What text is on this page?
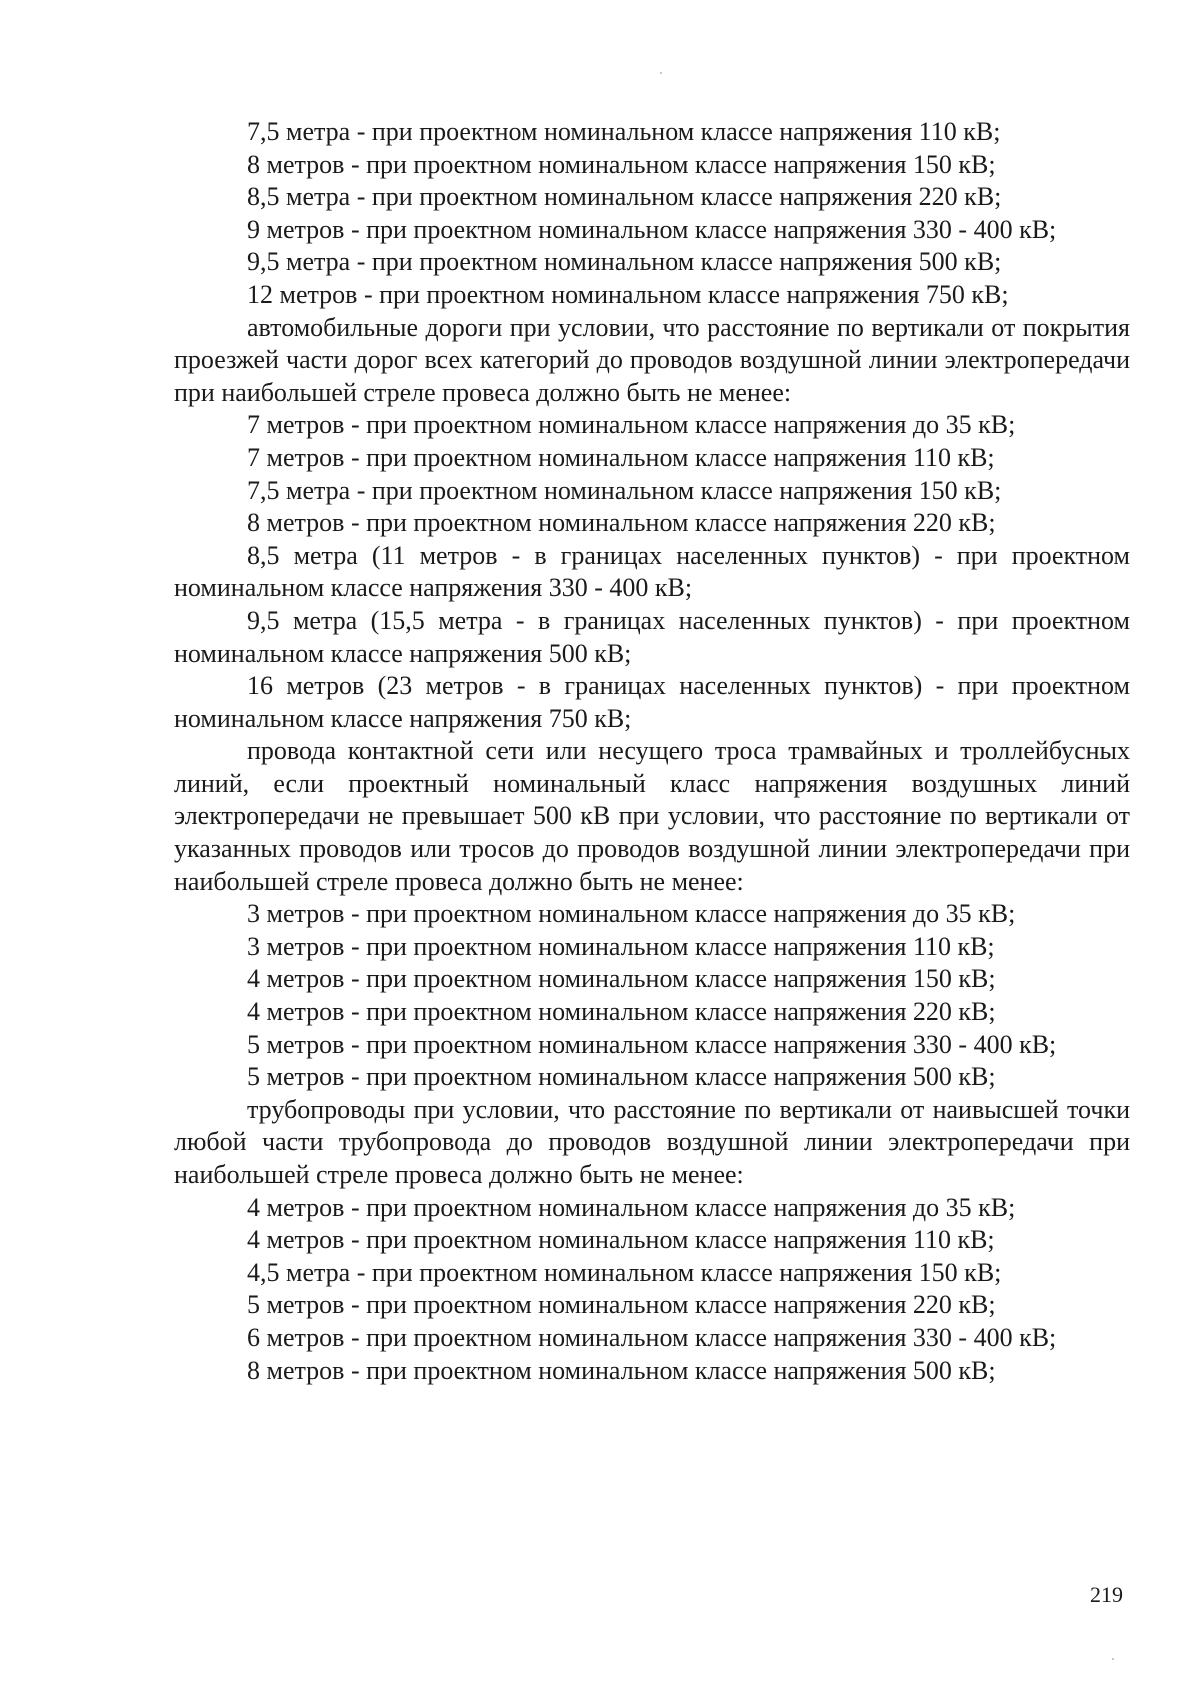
7,5 метра - при проектном номинальном классе напряжения 110 кВ;

8 метров - при проектном номинальном классе напряжения 150 кВ;

8,5 метра - при проектном номинальном классе напряжения 220 кВ;

9 метров - при проектном номинальном классе напряжения 330 - 400 кВ;

9,5 метра - при проектном номинальном классе напряжения 500 кВ;

12 метров - при проектном номинальном классе напряжения 750 кВ;

автомобильные дороги при условии, что расстояние по вертикали от покрытия проезжей части дорог всех категорий до проводов воздушной линии электропередачи при наибольшей стреле провеса должно быть не менее:

7 метров - при проектном номинальном классе напряжения до 35 кВ;

7 метров - при проектном номинальном классе напряжения 110 кВ;

7,5 метра - при проектном номинальном классе напряжения 150 кВ;

8 метров - при проектном номинальном классе напряжения 220 кВ;

8,5 метра (11 метров - в границах населенных пунктов) - при проектном номинальном классе напряжения 330 - 400 кВ;

9,5 метра (15,5 метра - в границах населенных пунктов) - при проектном номинальном классе напряжения 500 кВ;

16 метров (23 метров - в границах населенных пунктов) - при проектном номинальном классе напряжения 750 кВ;

провода контактной сети или несущего троса трамвайных и троллейбусных линий, если проектный номинальный класс напряжения воздушных линий электропередачи не превышает 500 кВ при условии, что расстояние по вертикали от указанных проводов или тросов до проводов воздушной линии электропередачи при наибольшей стреле провеса должно быть не менее:

3 метров - при проектном номинальном классе напряжения до 35 кВ;

3 метров - при проектном номинальном классе напряжения 110 кВ;

4 метров - при проектном номинальном классе напряжения 150 кВ;

4 метров - при проектном номинальном классе напряжения 220 кВ;

5 метров - при проектном номинальном классе напряжения 330 - 400 кВ;

5 метров - при проектном номинальном классе напряжения 500 кВ;

трубопроводы при условии, что расстояние по вертикали от наивысшей точки любой части трубопровода до проводов воздушной линии электропередачи при наибольшей стреле провеса должно быть не менее:

4 метров - при проектном номинальном классе напряжения до 35 кВ;

4 метров - при проектном номинальном классе напряжения 110 кВ;

4,5 метра - при проектном номинальном классе напряжения 150 кВ;

5 метров - при проектном номинальном классе напряжения 220 кВ;

6 метров - при проектном номинальном классе напряжения 330 - 400 кВ;

8 метров - при проектном номинальном классе напряжения 500 кВ;

219
